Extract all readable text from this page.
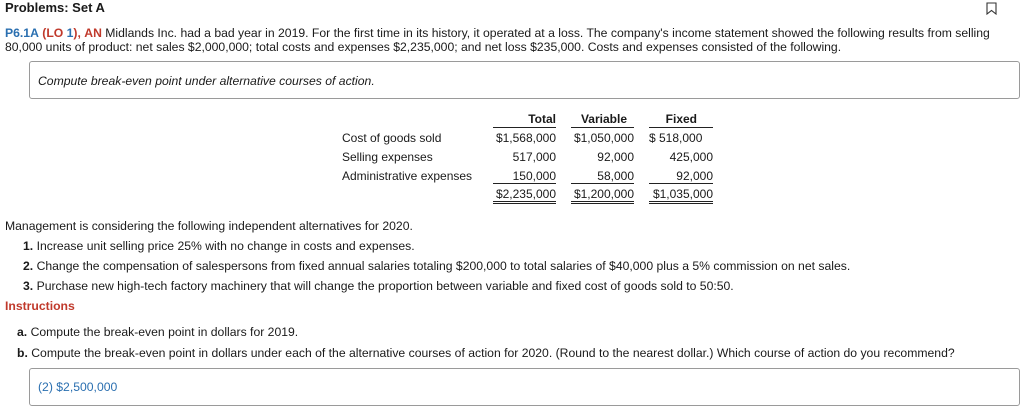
Problems: Set A
P6.1A (LO 1), AN Midlands Inc. had a bad year in 2019. For the first time in its history, it operated at a loss. The company's income statement showed the following results from selling 80,000 units of product: net sales $2,000,000; total costs and expenses $2,235,000; and net loss $235,000. Costs and expenses consisted of the following.
Compute break-even point under alternative courses of action.
Total	Variable	Fixed
Cost of goods sold	$1,568,000	$1,050,000 $ 518,000
Selling expenses	517,000	92,000	425,000
Administrative expenses	150,000	58,000	92,000
$2,235,000	$1,200,000	$1,035,000
Management is considering the following independent alternatives for 2020.
1. Increase unit selling price 25% with no change in costs and expenses.
2. Change the compensation of salespersons from fixed annual salaries totaling $200,000 to total salaries of $40,000 plus a 5% commission on net sales.
3. Purchase new high-tech factory machinery that will change the proportion between variable and fixed cost of goods sold to 50:50.
Instructions
a. Compute the break-even point in dollars for 2019.
b. Compute the break-even point in dollars under each of the alternative courses of action for 2020. (Round to the nearest dollar.) Which course of action do you recommend?
(2) $2,500,000
